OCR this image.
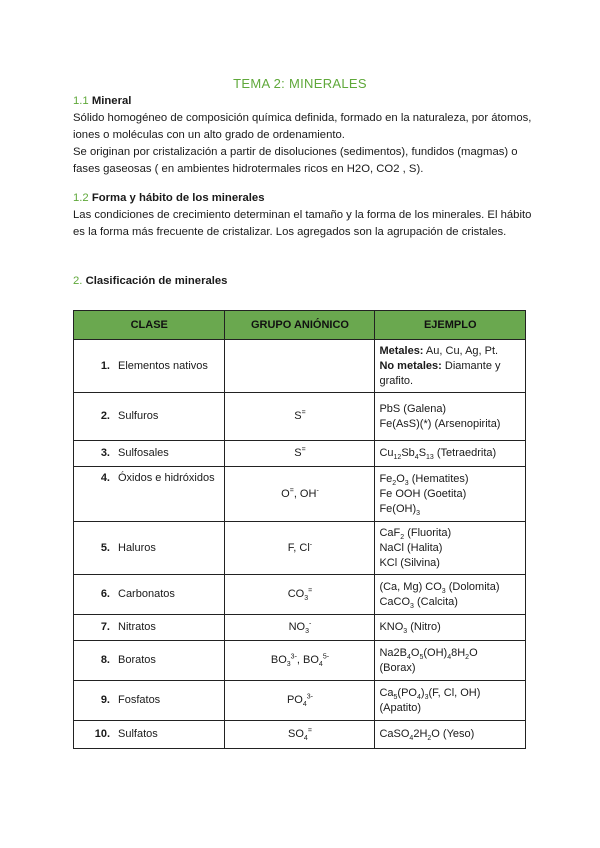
TEMA 2: MINERALES
1.1 Mineral

Sólido homogéneo de composición química definida, formado en la naturaleza, por átomos, iones o moléculas con un alto grado de ordenamiento.

Se originan por cristalización a partir de disoluciones (sedimentos), fundidos (magmas) o fases gaseosas ( en ambientes hidrotermales ricos en H2O, CO2 , S).

1.2 Forma y hábito de los minerales

Las condiciones de crecimiento determinan el tamaño y la forma de los minerales. El hábito es la forma más frecuente de cristalizar. Los agregados son la agrupación de cristales.

2. Clasificación de minerales
CLASE	GRUPO ANIÓNICO	EJEMPLO

1. Elementos nativos		Metales: Au, Cu, Ag, Pt.
No metales: Diamante y grafito.

2. Sulfuros	S=	PbS (Galena)
Fe(AsS)(*) (Arsenopirita)

3. Sulfosales	S=	$Cu_{12}Sb_4S_{13}$ (Tetraedrita)

4. Óxidos e hidróxidos	O=, OH-	$Fe_2O_3$ (Hematites)
Fe OOH (Goetita)
$Fe(OH)_3$

5. Haluros	F, Cl-	CaF$_2$ (Fluorita)
NaCl (Halita)
KCl (Silvina)

6. Carbonatos	$CO_3^=$	(Ca, Mg) $CO_3$ (Dolomita)
CaCO$_3$ (Calcita)

7. Nitratos	$NO_3^-$	$KNO_3$ (Nitro)

8. Boratos	$BO_3^{3-}$, $BO_4^{5-}$	$Na2B_4O_5(OH)_48H_2O$
(Borax)

9. Fosfatos	$PO_4^{3-}$	$Ca_5(PO_4)_3(F$, Cl, OH)
(Apatito)

10. Sulfatos	$SO_4^=$	$CaSO_42H_2O$ (Yeso)
